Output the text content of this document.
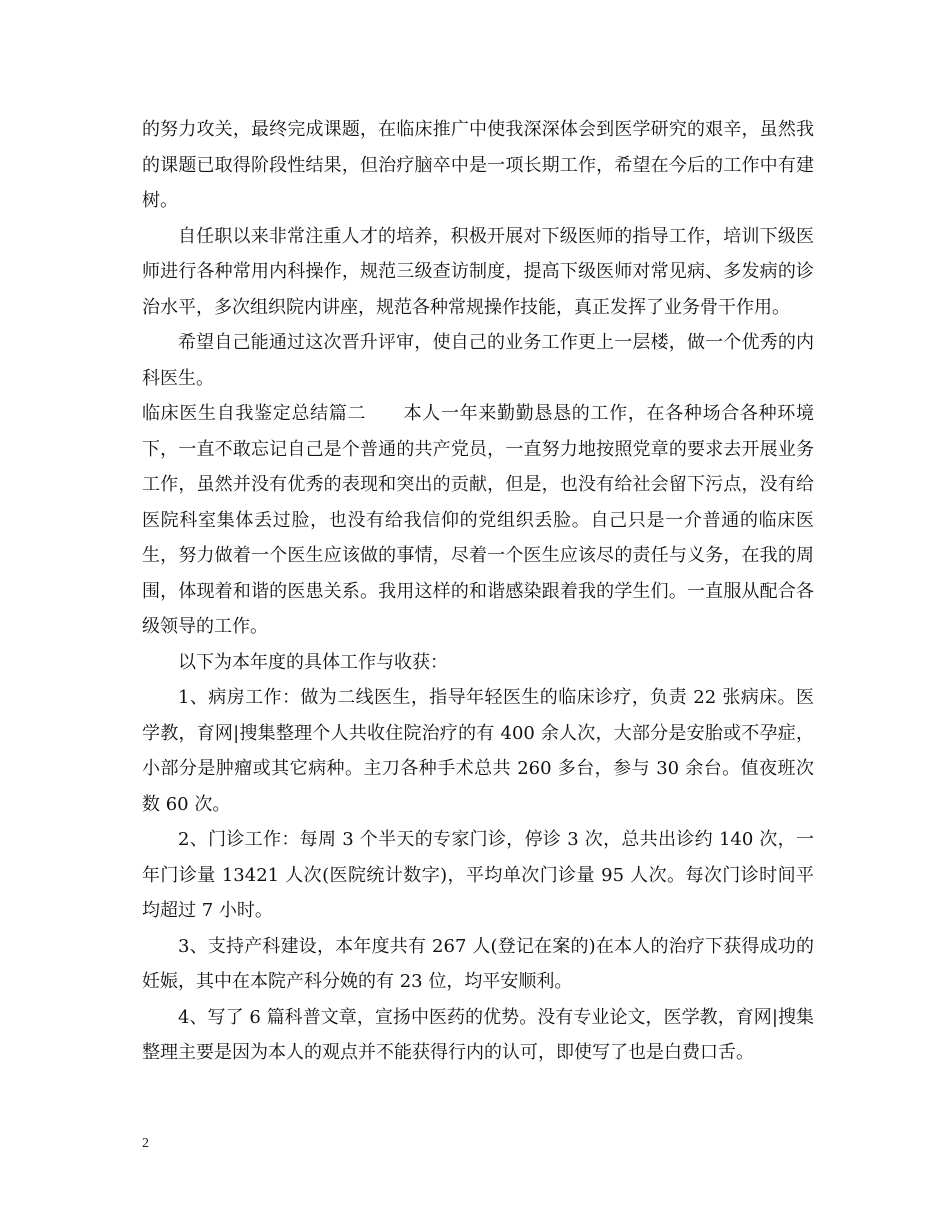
的努力攻关，最终完成课题，在临床推广中使我深深体会到医学研究的艰辛，虽然我的课题已取得阶段性结果，但治疗脑卒中是一项长期工作，希望在今后的工作中有建树。

自任职以来非常注重人才的培养，积极开展对下级医师的指导工作，培训下级医师进行各种常用内科操作，规范三级查访制度，提高下级医师对常见病、多发病的诊治水平，多次组织院内讲座，规范各种常规操作技能，真正发挥了业务骨干作用。

希望自己能通过这次晋升评审，使自己的业务工作更上一层楼，做一个优秀的内科医生。

临床医生自我鉴定总结篇二　　本人一年来勤勤恳恳的工作，在各种场合各种环境下，一直不敢忘记自己是个普通的共产党员，一直努力地按照党章的要求去开展业务工作，虽然并没有优秀的表现和突出的贡献，但是，也没有给社会留下污点，没有给医院科室集体丢过脸，也没有给我信仰的党组织丢脸。自己只是一介普通的临床医生，努力做着一个医生应该做的事情，尽着一个医生应该尽的责任与义务，在我的周围，体现着和谐的医患关系。我用这样的和谐感染跟着我的学生们。一直服从配合各级领导的工作。

以下为本年度的具体工作与收获：

1、病房工作：做为二线医生，指导年轻医生的临床诊疗，负责 22 张病床。医学教，育网|搜集整理个人共收住院治疗的有 400 余人次，大部分是安胎或不孕症，小部分是肿瘤或其它病种。主刀各种手术总共 260 多台，参与 30 余台。值夜班次数 60 次。

2、门诊工作：每周 3 个半天的专家门诊，停诊 3 次，总共出诊约 140 次，一年门诊量 13421 人次(医院统计数字)，平均单次门诊量 95 人次。每次门诊时间平均超过 7 小时。

3、支持产科建设，本年度共有 267 人(登记在案的)在本人的治疗下获得成功的妊娠，其中在本院产科分娩的有 23 位，均平安顺利。

4、写了 6 篇科普文章，宣扬中医药的优势。没有专业论文，医学教，育网|搜集整理主要是因为本人的观点并不能获得行内的认可，即使写了也是白费口舌。

2
